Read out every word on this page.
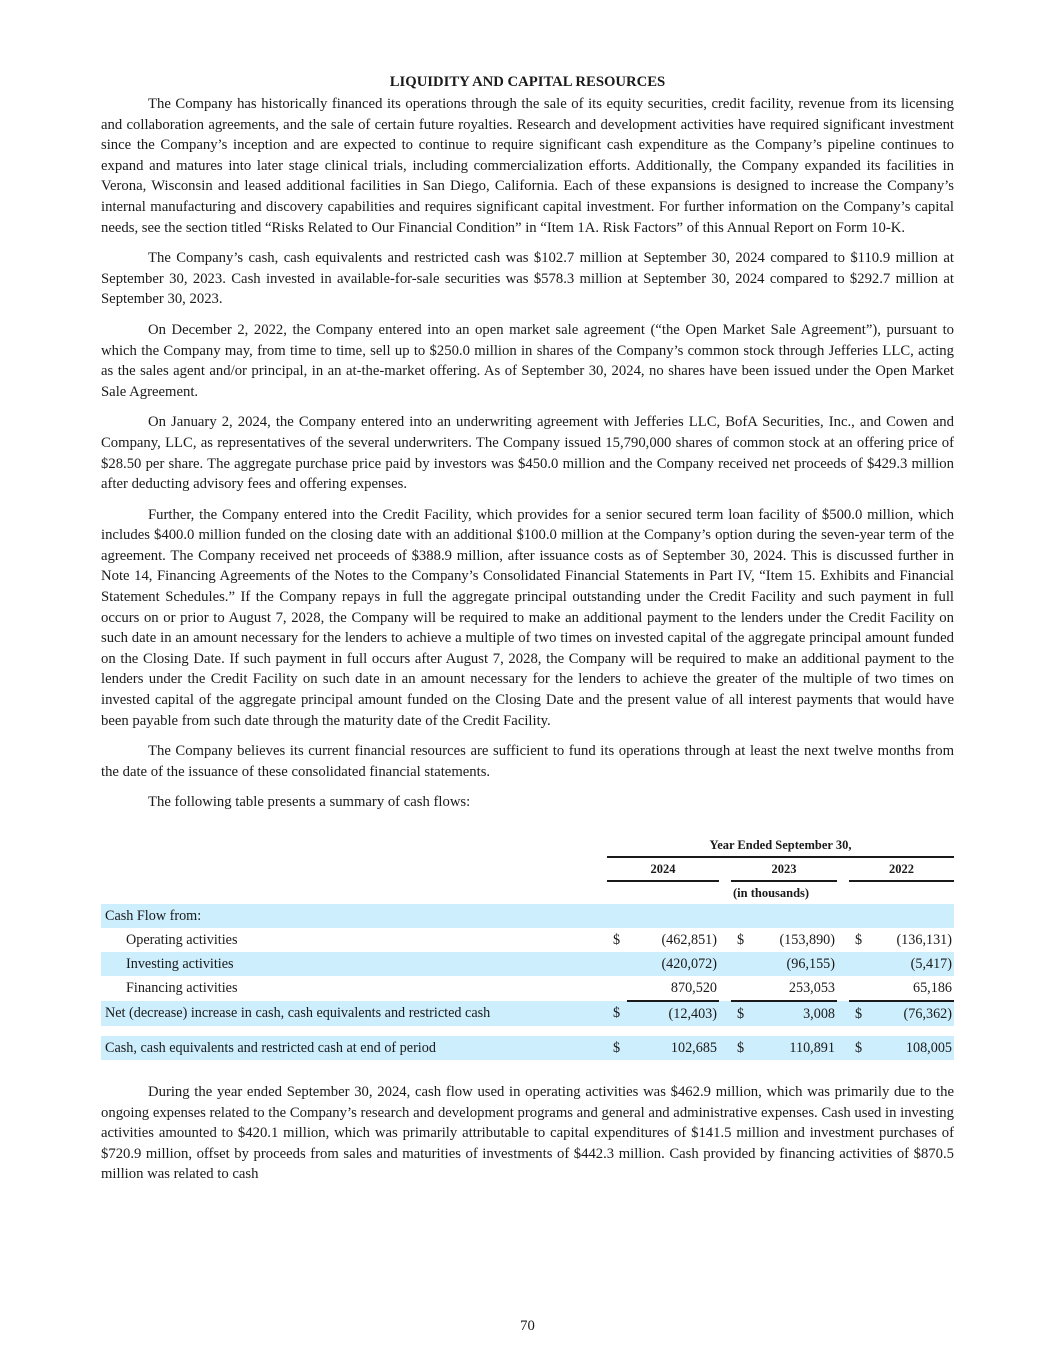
LIQUIDITY AND CAPITAL RESOURCES

The Company has historically financed its operations through the sale of its equity securities, credit facility, revenue from its licensing and collaboration agreements, and the sale of certain future royalties. Research and development activities have required significant investment since the Company’s inception and are expected to continue to require significant cash expenditure as the Company’s pipeline continues to expand and matures into later stage clinical trials, including commercialization efforts. Additionally, the Company expanded its facilities in Verona, Wisconsin and leased additional facilities in San Diego, California. Each of these expansions is designed to increase the Company’s internal manufacturing and discovery capabilities and requires significant capital investment. For further information on the Company’s capital needs, see the section titled “Risks Related to Our Financial Condition” in “Item 1A. Risk Factors” of this Annual Report on Form 10-K.

The Company’s cash, cash equivalents and restricted cash was $102.7 million at September 30, 2024 compared to $110.9 million at September 30, 2023. Cash invested in available-for-sale securities was $578.3 million at September 30, 2024 compared to $292.7 million at September 30, 2023.

On December 2, 2022, the Company entered into an open market sale agreement (“the Open Market Sale Agreement”), pursuant to which the Company may, from time to time, sell up to $250.0 million in shares of the Company’s common stock through Jefferies LLC, acting as the sales agent and/or principal, in an at-the-market offering. As of September 30, 2024, no shares have been issued under the Open Market Sale Agreement.

On January 2, 2024, the Company entered into an underwriting agreement with Jefferies LLC, BofA Securities, Inc., and Cowen and Company, LLC, as representatives of the several underwriters. The Company issued 15,790,000 shares of common stock at an offering price of $28.50 per share. The aggregate purchase price paid by investors was $450.0 million and the Company received net proceeds of $429.3 million after deducting advisory fees and offering expenses.

Further, the Company entered into the Credit Facility, which provides for a senior secured term loan facility of $500.0 million, which includes $400.0 million funded on the closing date with an additional $100.0 million at the Company’s option during the seven-year term of the agreement. The Company received net proceeds of $388.9 million, after issuance costs as of September 30, 2024. This is discussed further in Note 14, Financing Agreements of the Notes to the Company’s Consolidated Financial Statements in Part IV, “Item 15. Exhibits and Financial Statement Schedules.” If the Company repays in full the aggregate principal outstanding under the Credit Facility and such payment in full occurs on or prior to August 7, 2028, the Company will be required to make an additional payment to the lenders under the Credit Facility on such date in an amount necessary for the lenders to achieve a multiple of two times on invested capital of the aggregate principal amount funded on the Closing Date. If such payment in full occurs after August 7, 2028, the Company will be required to make an additional payment to the lenders under the Credit Facility on such date in an amount necessary for the lenders to achieve the greater of the multiple of two times on invested capital of the aggregate principal amount funded on the Closing Date and the present value of all interest payments that would have been payable from such date through the maturity date of the Credit Facility.

The Company believes its current financial resources are sufficient to fund its operations through at least the next twelve months from the date of the issuance of these consolidated financial statements.

The following table presents a summary of cash flows:

	Year Ended September 30,							
	2024			2023			2022	
				(in thousands)				
Cash Flow from:								
Operating activities	$	(462,851)		$	(153,890)		$	(136,131)
Investing activities		(420,072)			(96,155)			(5,417)
Financing activities		870,520			253,053			65,186
Net (decrease) increase in cash, cash equivalents and restricted cash	$	(12,403)		$	3,008		$	(76,362)

Cash, cash equivalents and restricted cash at end of period	$	102,685		$	110,891		$	108,005

During the year ended September 30, 2024, cash flow used in operating activities was $462.9 million, which was primarily due to the ongoing expenses related to the Company’s research and development programs and general and administrative expenses. Cash used in investing activities amounted to $420.1 million, which was primarily attributable to capital expenditures of $141.5 million and investment purchases of $720.9 million, offset by proceeds from sales and maturities of investments of $442.3 million. Cash provided by financing activities of $870.5 million was related to cash

70
